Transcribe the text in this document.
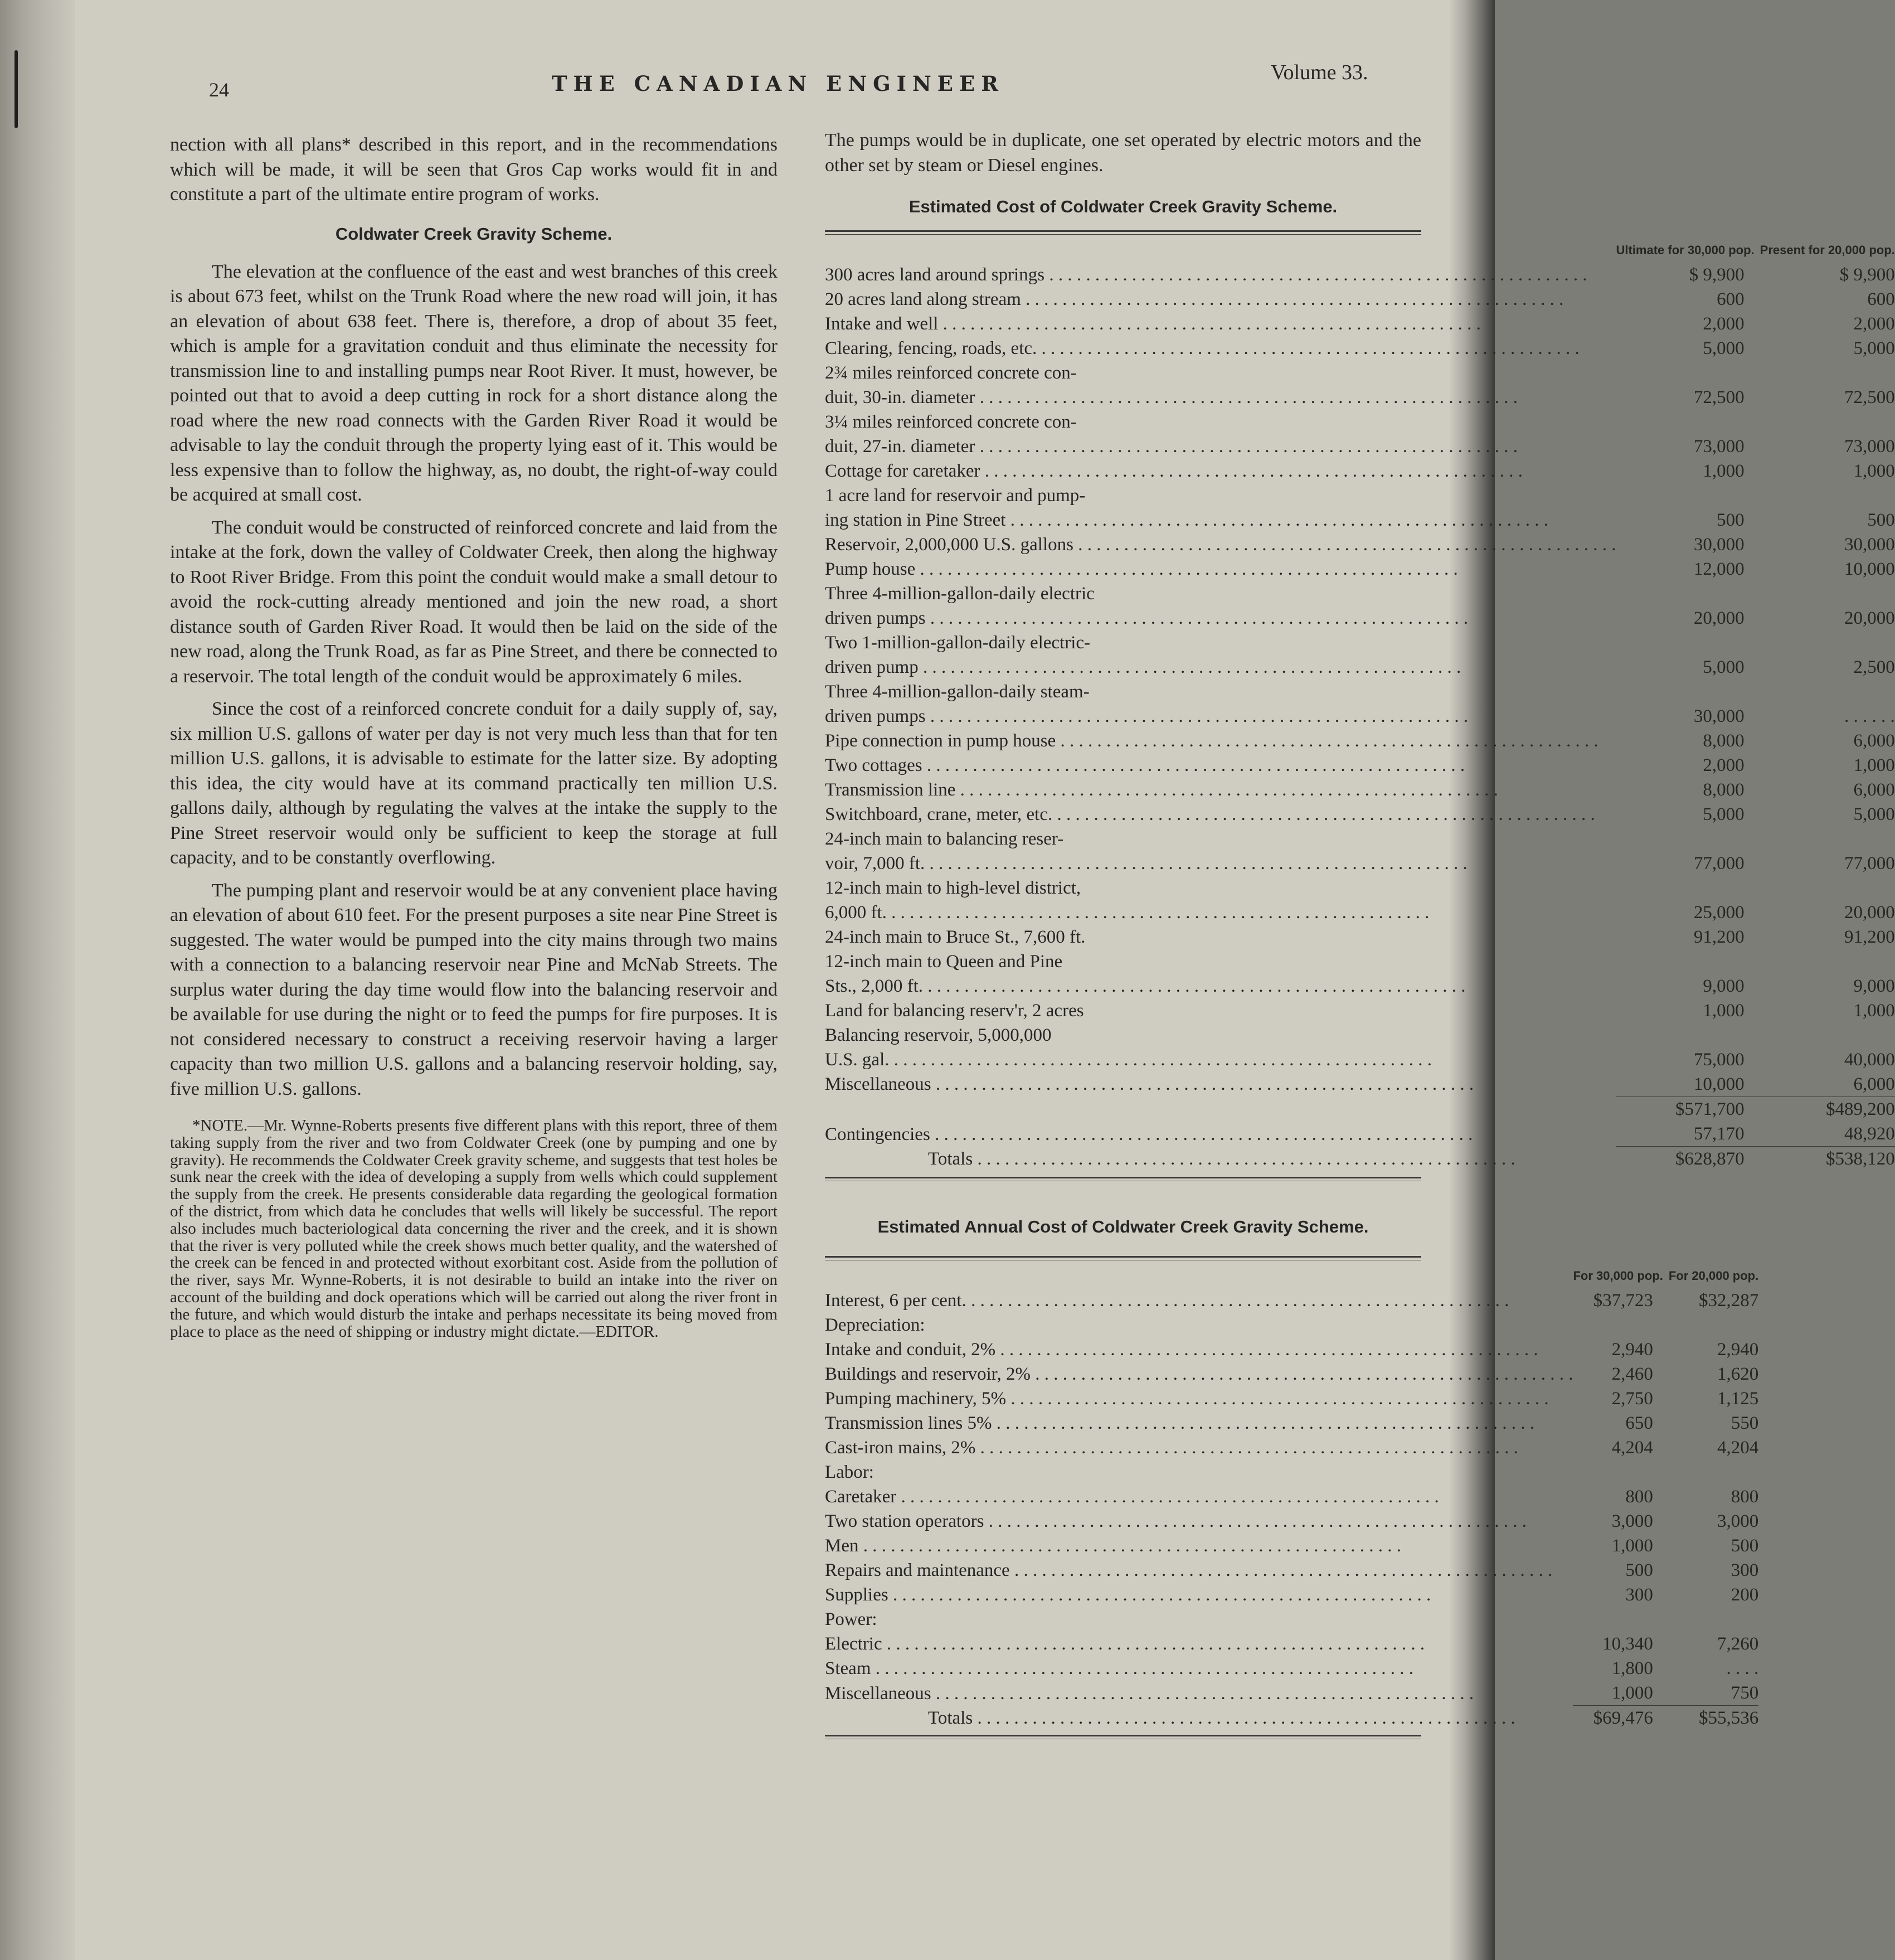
24	THE CANADIAN ENGINEER	Volume 33.

nection with all plans* described in this report, and in the recommendations which will be made, it will be seen that Gros Cap works would fit in and constitute a part of the ultimate entire program of works.

Coldwater Creek Gravity Scheme.

The elevation at the confluence of the east and west branches of this creek is about 673 feet, whilst on the Trunk Road where the new road will join, it has an elevation of about 638 feet. There is, therefore, a drop of about 35 feet, which is ample for a gravitation conduit and thus eliminate the necessity for transmission line to and installing pumps near Root River. It must, however, be pointed out that to avoid a deep cutting in rock for a short distance along the road where the new road connects with the Garden River Road it would be advisable to lay the conduit through the property lying east of it. This would be less expensive than to follow the highway, as, no doubt, the right-of-way could be acquired at small cost.

The conduit would be constructed of reinforced concrete and laid from the intake at the fork, down the valley of Coldwater Creek, then along the highway to Root River Bridge. From this point the conduit would make a small detour to avoid the rock-cutting already mentioned and join the new road, a short distance south of Garden River Road. It would then be laid on the side of the new road, along the Trunk Road, as far as Pine Street, and there be connected to a reservoir. The total length of the conduit would be approximately 6 miles.

Since the cost of a reinforced concrete conduit for a daily supply of, say, six million U.S. gallons of water per day is not very much less than that for ten million U.S. gallons, it is advisable to estimate for the latter size. By adopting this idea, the city would have at its command practically ten million U.S. gallons daily, although by regulating the valves at the intake the supply to the Pine Street reservoir would only be sufficient to keep the storage at full capacity, and to be constantly overflowing.

The pumping plant and reservoir would be at any convenient place having an elevation of about 610 feet. For the present purposes a site near Pine Street is suggested. The water would be pumped into the city mains through two mains with a connection to a balancing reservoir near Pine and McNab Streets. The surplus water during the day time would flow into the balancing reservoir and be available for use during the night or to feed the pumps for fire purposes. It is not considered necessary to construct a receiving reservoir having a larger capacity than two million U.S. gallons and a balancing reservoir holding, say, five million U.S. gallons.

*NOTE.—Mr. Wynne-Roberts presents five different plans with this report, three of them taking supply from the river and two from Coldwater Creek (one by pumping and one by gravity). He recommends the Coldwater Creek gravity scheme, and suggests that test holes be sunk near the creek with the idea of developing a supply from wells which could supplement the supply from the creek. He presents considerable data regarding the geological formation of the district, from which data he concludes that wells will likely be successful. The report also includes much bacteriological data concerning the river and the creek, and it is shown that the river is very polluted while the creek shows much better quality, and the watershed of the creek can be fenced in and protected without exorbitant cost. Aside from the pollution of the river, says Mr. Wynne-Roberts, it is not desirable to build an intake into the river on account of the building and dock operations which will be carried out along the river front in the future, and which would disturb the intake and perhaps necessitate its being moved from place to place as the need of shipping or industry might dictate.—EDITOR.

The pumps would be in duplicate, one set operated by electric motors and the other set by steam or Diesel engines.

Estimated Cost of Coldwater Creek Gravity Scheme.

	Ultimate for 30,000 pop.	Present for 20,000 pop.
300 acres land around springs . . .	$ 9,900	$ 9,900
20 acres land along stream . . .	600	600
Intake and well . . .	2,000	2,000
Clearing, fencing, roads, etc. . . .	5,000	5,000
2¾ miles reinforced concrete con-		
duit, 30-in. diameter . . .	72,500	72,500
3¼ miles reinforced concrete con-		
duit, 27-in. diameter . . .	73,000	73,000
Cottage for caretaker . . .	1,000	1,000
1 acre land for reservoir and pump-		
ing station in Pine Street . . .	500	500
Reservoir, 2,000,000 U.S. gallons . . .	30,000	30,000
Pump house . . .	12,000	10,000
Three 4-million-gallon-daily electric		
driven pumps . . .	20,000	20,000
Two 1-million-gallon-daily electric-		
driven pump . . .	5,000	2,500
Three 4-million-gallon-daily steam-		
driven pumps . . .	30,000	. . . . . .
Pipe connection in pump house . . .	8,000	6,000
Two cottages . . .	2,000	1,000
Transmission line . . .	8,000	6,000
Switchboard, crane, meter, etc. . . .	5,000	5,000
24-inch main to balancing reser-		
voir, 7,000 ft. . . .	77,000	77,000
12-inch main to high-level district,		
6,000 ft. . . .	25,000	20,000
24-inch main to Bruce St., 7,600 ft.	91,200	91,200
12-inch main to Queen and Pine		
Sts., 2,000 ft. . . .	9,000	9,000
Land for balancing reserv'r, 2 acres	1,000	1,000
Balancing reservoir, 5,000,000		
U.S. gal. . . .	75,000	40,000
Miscellaneous . . .	10,000	6,000

	$571,700	$489,200
Contingencies . . .	57,170	48,920
Totals . . .	$628,870	$538,120

Estimated Annual Cost of Coldwater Creek Gravity Scheme.

	For 30,000 pop.	For 20,000 pop.
Interest, 6 per cent. . . .	$37,723	$32,287
Depreciation:		
Intake and conduit, 2% . . .	2,940	2,940
Buildings and reservoir, 2% . . .	2,460	1,620
Pumping machinery, 5% . . .	2,750	1,125
Transmission lines 5% . . .	650	550
Cast-iron mains, 2% . . .	4,204	4,204
Labor:		
Caretaker . . .	800	800
Two station operators . . .	3,000	3,000
Men . . .	1,000	500
Repairs and maintenance . . .	500	300
Supplies . . .	300	200
Power:		
Electric . . .	10,340	7,260
Steam . . .	1,800	. . . .
Miscellaneous . . .	1,000	750
Totals . . .	$69,476	$55,536
